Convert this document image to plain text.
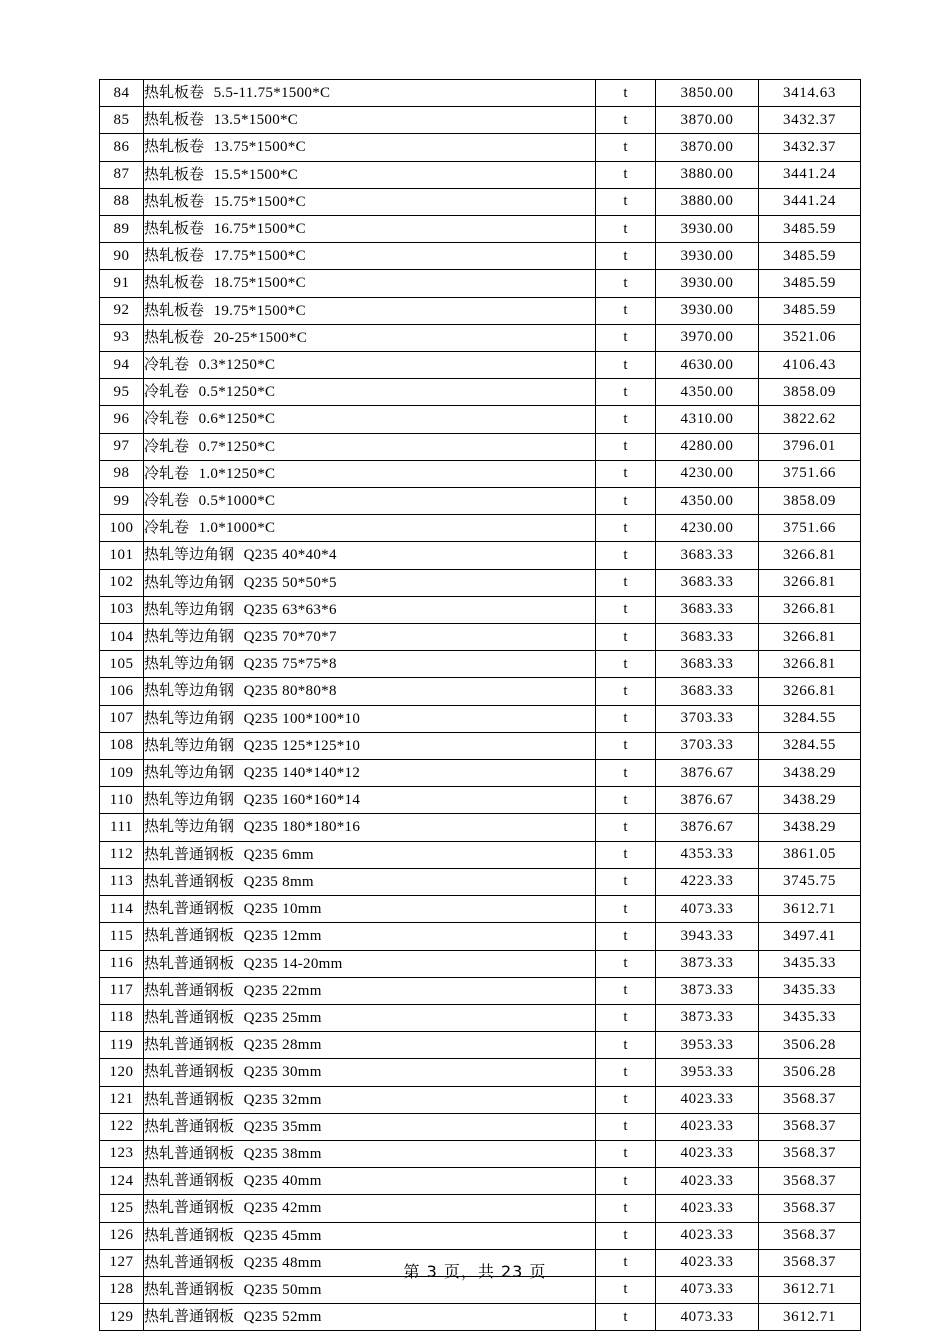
84	热轧板卷 5.5-11.75*1500*C	t	3850.00	3414.63
85	热轧板卷 13.5*1500*C	t	3870.00	3432.37
86	热轧板卷 13.75*1500*C	t	3870.00	3432.37
87	热轧板卷 15.5*1500*C	t	3880.00	3441.24
88	热轧板卷 15.75*1500*C	t	3880.00	3441.24
89	热轧板卷 16.75*1500*C	t	3930.00	3485.59
90	热轧板卷 17.75*1500*C	t	3930.00	3485.59
91	热轧板卷 18.75*1500*C	t	3930.00	3485.59
92	热轧板卷 19.75*1500*C	t	3930.00	3485.59
93	热轧板卷 20-25*1500*C	t	3970.00	3521.06
94	冷轧卷 0.3*1250*C	t	4630.00	4106.43
95	冷轧卷 0.5*1250*C	t	4350.00	3858.09
96	冷轧卷 0.6*1250*C	t	4310.00	3822.62
97	冷轧卷 0.7*1250*C	t	4280.00	3796.01
98	冷轧卷 1.0*1250*C	t	4230.00	3751.66
99	冷轧卷 0.5*1000*C	t	4350.00	3858.09
100	冷轧卷 1.0*1000*C	t	4230.00	3751.66
101	热轧等边角钢 Q235 40*40*4	t	3683.33	3266.81
102	热轧等边角钢 Q235 50*50*5	t	3683.33	3266.81
103	热轧等边角钢 Q235 63*63*6	t	3683.33	3266.81
104	热轧等边角钢 Q235 70*70*7	t	3683.33	3266.81
105	热轧等边角钢 Q235 75*75*8	t	3683.33	3266.81
106	热轧等边角钢 Q235 80*80*8	t	3683.33	3266.81
107	热轧等边角钢 Q235 100*100*10	t	3703.33	3284.55
108	热轧等边角钢 Q235 125*125*10	t	3703.33	3284.55
109	热轧等边角钢 Q235 140*140*12	t	3876.67	3438.29
110	热轧等边角钢 Q235 160*160*14	t	3876.67	3438.29
111	热轧等边角钢 Q235 180*180*16	t	3876.67	3438.29
112	热轧普通钢板 Q235 6mm	t	4353.33	3861.05
113	热轧普通钢板 Q235 8mm	t	4223.33	3745.75
114	热轧普通钢板 Q235 10mm	t	4073.33	3612.71
115	热轧普通钢板 Q235 12mm	t	3943.33	3497.41
116	热轧普通钢板 Q235 14-20mm	t	3873.33	3435.33
117	热轧普通钢板 Q235 22mm	t	3873.33	3435.33
118	热轧普通钢板 Q235 25mm	t	3873.33	3435.33
119	热轧普通钢板 Q235 28mm	t	3953.33	3506.28
120	热轧普通钢板 Q235 30mm	t	3953.33	3506.28
121	热轧普通钢板 Q235 32mm	t	4023.33	3568.37
122	热轧普通钢板 Q235 35mm	t	4023.33	3568.37
123	热轧普通钢板 Q235 38mm	t	4023.33	3568.37
124	热轧普通钢板 Q235 40mm	t	4023.33	3568.37
125	热轧普通钢板 Q235 42mm	t	4023.33	3568.37
126	热轧普通钢板 Q235 45mm	t	4023.33	3568.37
127	热轧普通钢板 Q235 48mm	t	4023.33	3568.37
128	热轧普通钢板 Q235 50mm	t	4073.33	3612.71
129	热轧普通钢板 Q235 52mm	t	4073.33	3612.71
第 3 页，共 23 页
